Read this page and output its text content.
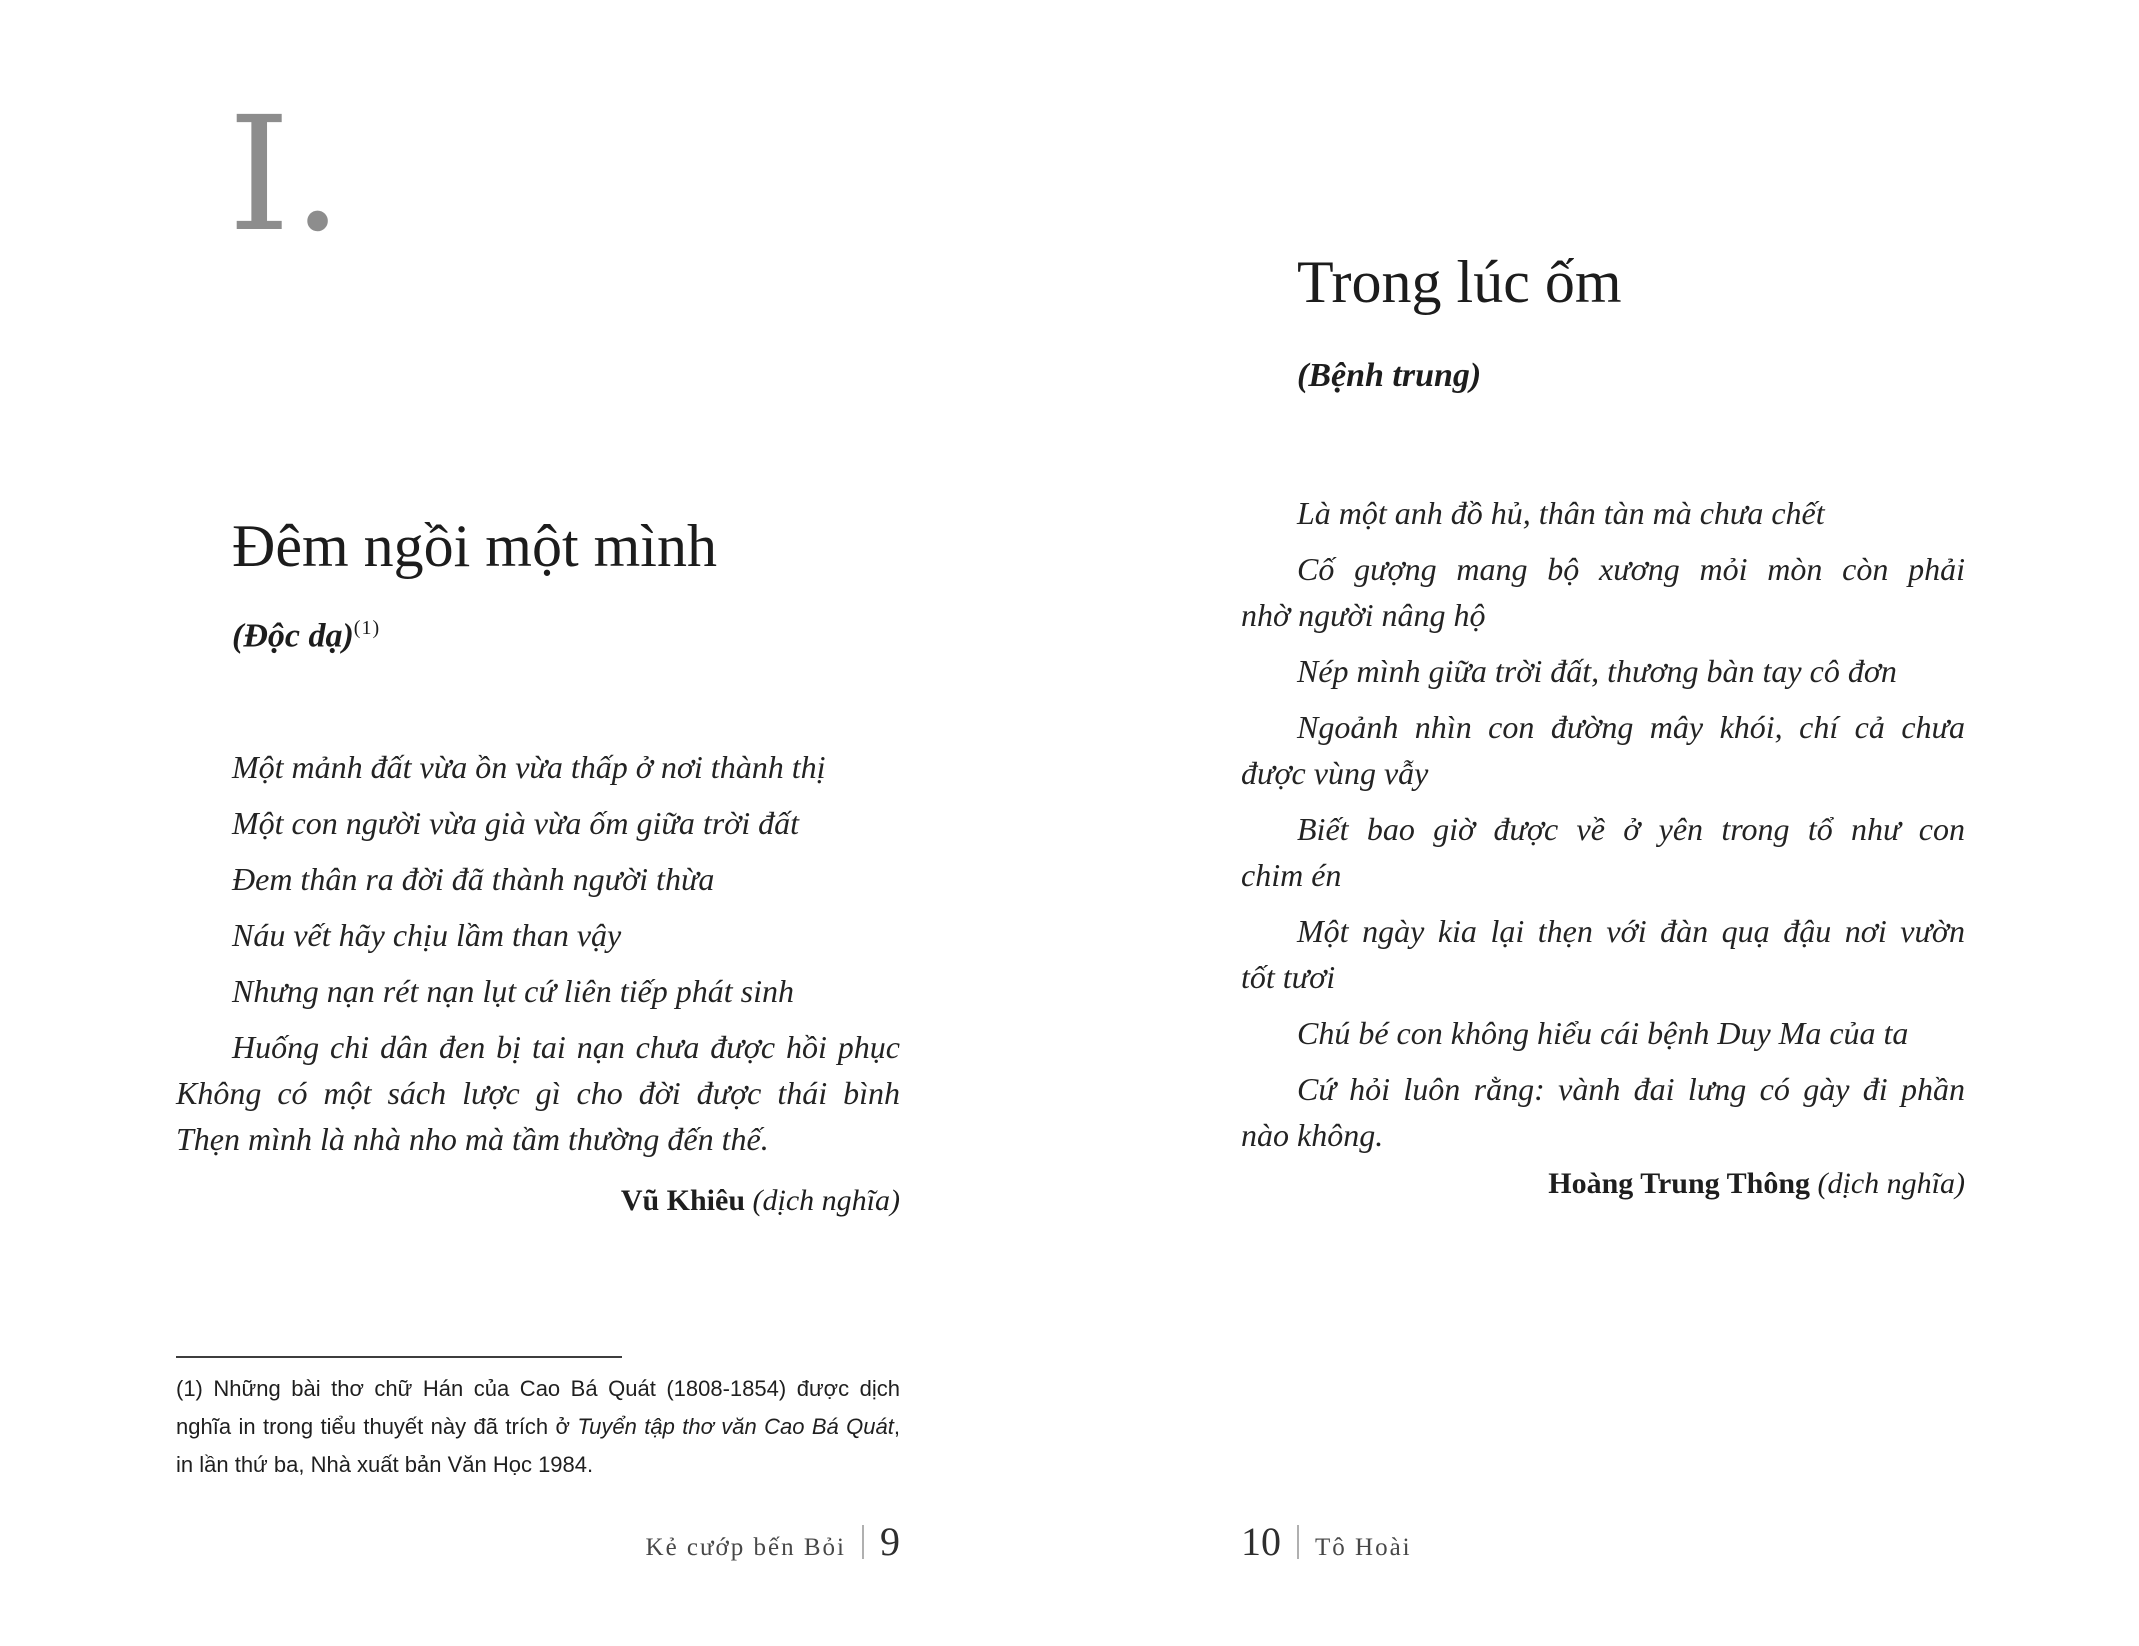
I.
Đêm ngồi một mình
(Độc dạ)$^{(1)}$
Một mảnh đất vừa ồn vừa thấp ở nơi thành thị
Một con người vừa già vừa ốm giữa trời đất
Đem thân ra đời đã thành người thừa
Náu vết hãy chịu lầm than vậy
Nhưng nạn rét nạn lụt cứ liên tiếp phát sinh
Huống chi dân đen bị tai nạn chưa được hồi phục
Không có một sách lược gì cho đời được thái bình
Thẹn mình là nhà nho mà tầm thường đến thế.
Vũ Khiêu (dịch nghĩa)
(1) Những bài thơ chữ Hán của Cao Bá Quát (1808-1854) được dịch nghĩa in trong tiểu thuyết này đã trích ở Tuyển tập thơ văn Cao Bá Quát, in lần thứ ba, Nhà xuất bản Văn Học 1984.
Kẻ cướp bến Bỏi 9
Trong lúc ốm
(Bệnh trung)
Là một anh đồ hủ, thân tàn mà chưa chết
Cố gượng mang bộ xương mỏi mòn còn phải
nhờ người nâng hộ
Nép mình giữa trời đất, thương bàn tay cô đơn
Ngoảnh nhìn con đường mây khói, chí cả chưa
được vùng vẫy
Biết bao giờ được về ở yên trong tổ như con
chim én
Một ngày kia lại thẹn với đàn quạ đậu nơi vườn
tốt tươi
Chú bé con không hiểu cái bệnh Duy Ma của ta
Cứ hỏi luôn rằng: vành đai lưng có gày đi phần
nào không.
Hoàng Trung Thông (dịch nghĩa)
10 Tô Hoài
